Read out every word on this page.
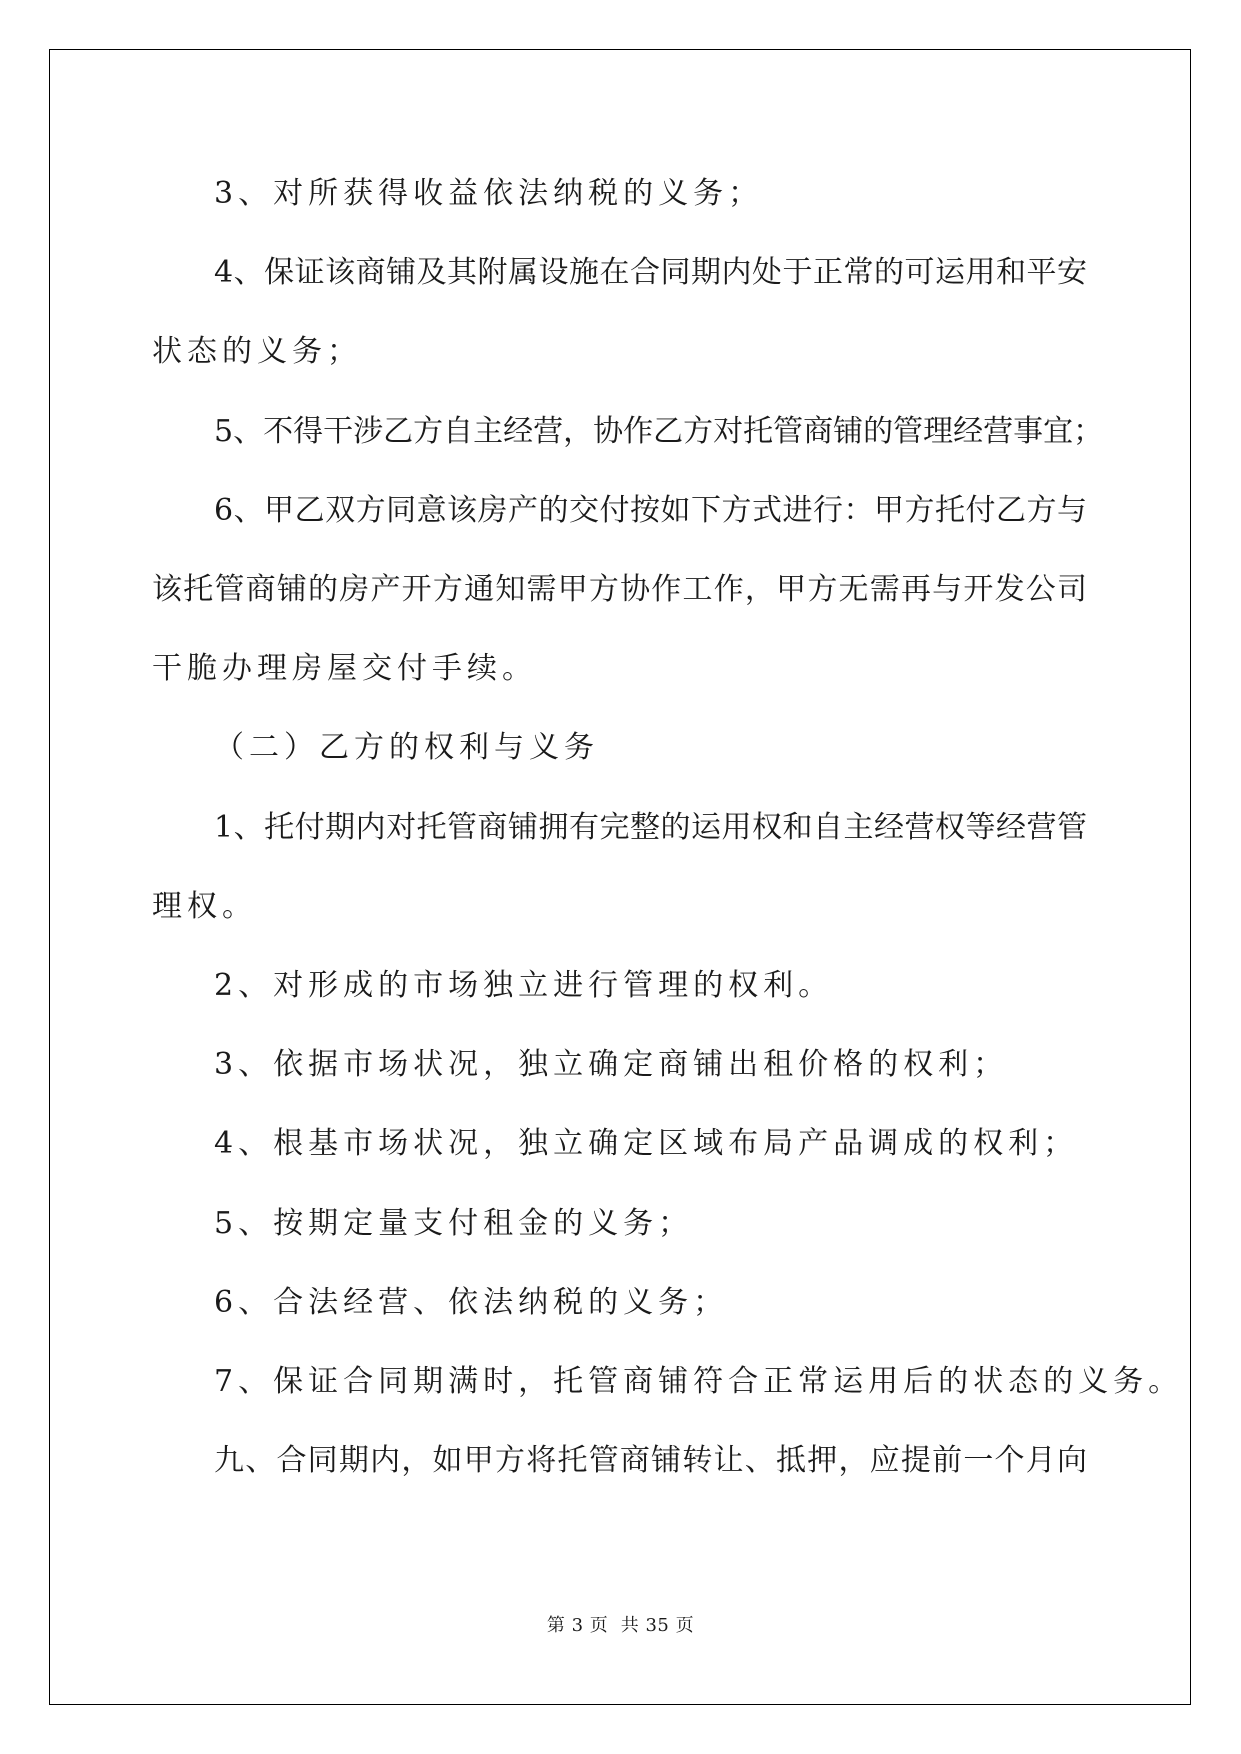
3、对所获得收益依法纳税的义务；
4、保证该商铺及其附属设施在合同期内处于正常的可运用和平安
状态的义务；
5、不得干涉乙方自主经营，协作乙方对托管商铺的管理经营事宜；
6、甲乙双方同意该房产的交付按如下方式进行：甲方托付乙方与
该托管商铺的房产开方通知需甲方协作工作，甲方无需再与开发公司
干脆办理房屋交付手续。
（二）乙方的权利与义务
1、托付期内对托管商铺拥有完整的运用权和自主经营权等经营管
理权。
2、对形成的市场独立进行管理的权利。
3、依据市场状况，独立确定商铺出租价格的权利；
4、根基市场状况，独立确定区域布局产品调成的权利；
5、按期定量支付租金的义务；
6、合法经营、依法纳税的义务；
7、保证合同期满时，托管商铺符合正常运用后的状态的义务。
九、合同期内，如甲方将托管商铺转让、抵押，应提前一个月向
第 3 页  共 35 页
